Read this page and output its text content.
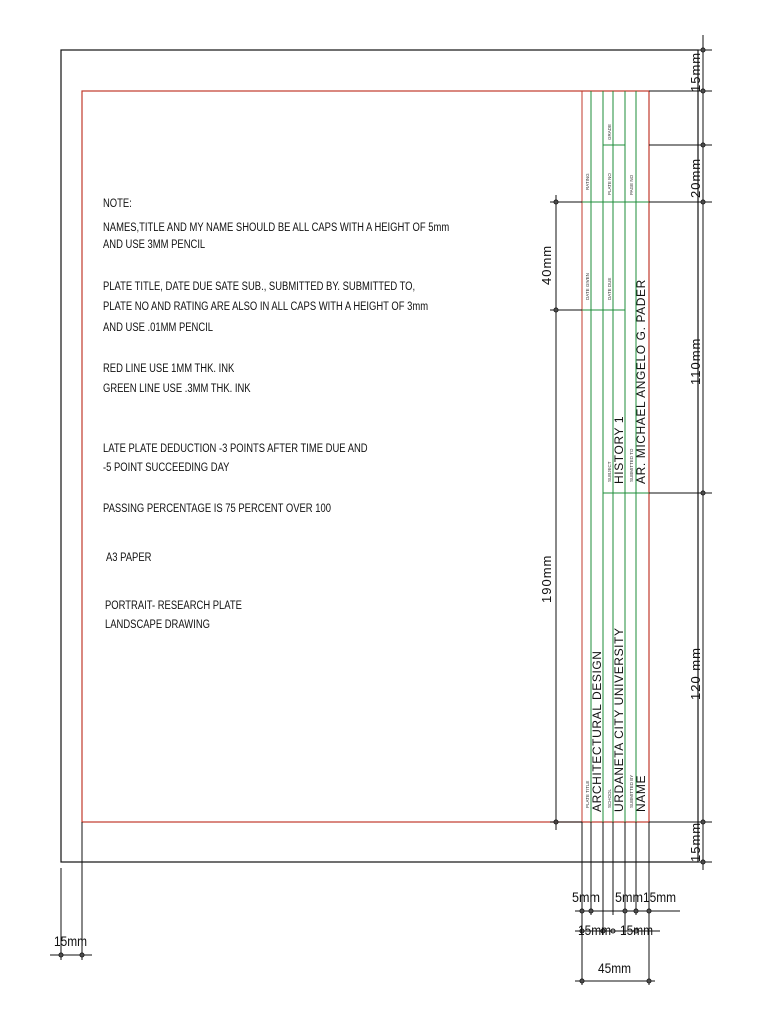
PLATE TITLE
RATING
DATE GIVEN
SCHOOL
SUBJECT
PLATE NO
DATE DUE
GRADE
SUBMITTED BY
SUBMITTED TO
PAGE NO
ARCHITECTURAL DESIGN
HISTORY 1
URDANETA CITY UNIVERSITY
AR. MICHAEL ANGELO G. PADER
NAME
15mm
20mm
110mm
120 mm
15mm
40mm
190mm
5mm 5mm 15mm
15mm 15mm
45mm
15mm
NOTE:
NAMES,TITLE AND MY NAME SHOULD BE ALL CAPS WITH A HEIGHT OF 5mm
AND USE 3MM PENCIL
PLATE TITLE, DATE DUE SATE SUB., SUBMITTED BY. SUBMITTED TO,
PLATE NO AND RATING ARE ALSO IN ALL CAPS WITH A HEIGHT OF 3mm
AND USE .01MM PENCIL
RED LINE USE 1MM THK. INK
GREEN LINE USE .3MM THK. INK
LATE PLATE DEDUCTION -3 POINTS AFTER TIME DUE AND
-5 POINT SUCCEEDING DAY
PASSING PERCENTAGE IS 75 PERCENT OVER 100
A3 PAPER
PORTRAIT- RESEARCH PLATE
LANDSCAPE DRAWING
